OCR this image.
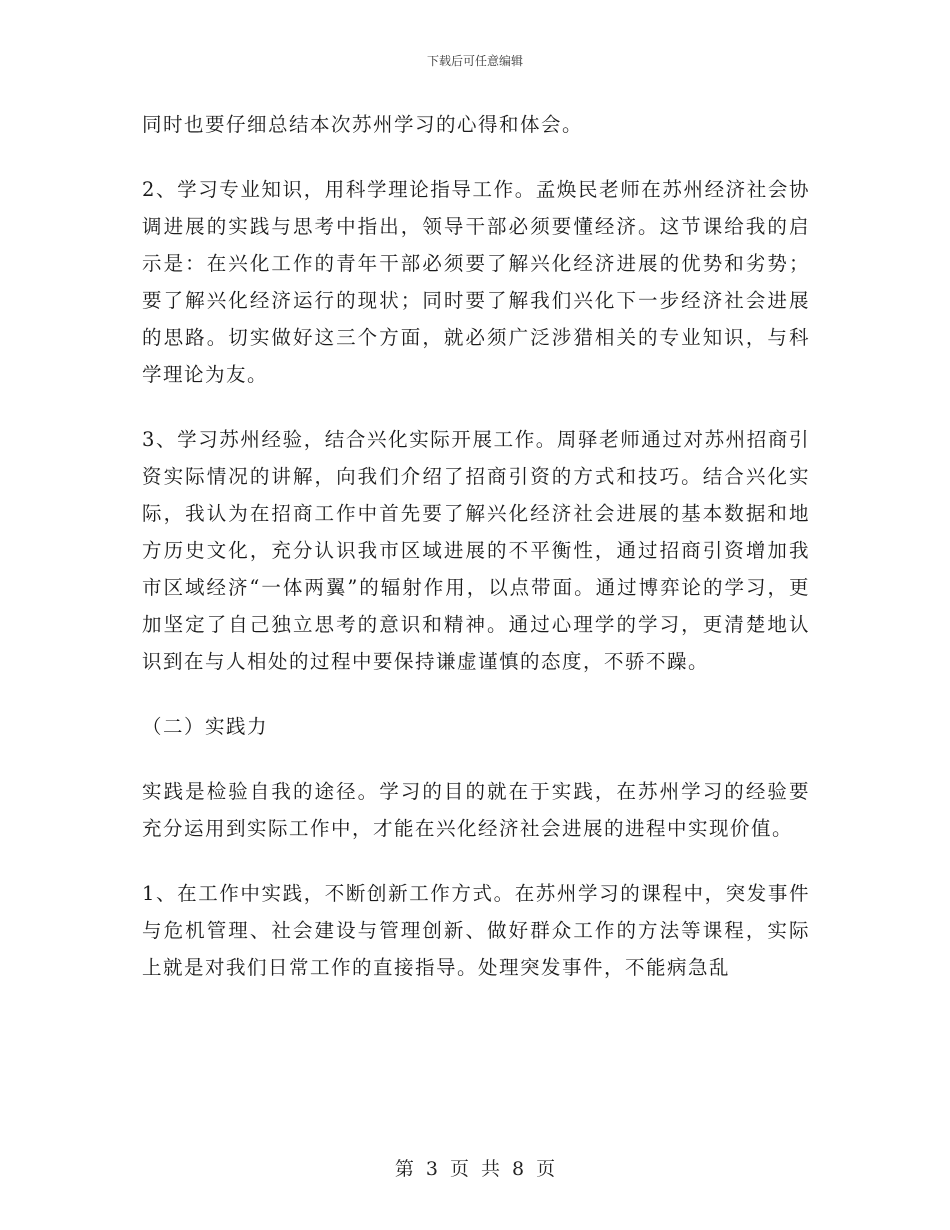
下载后可任意编辑

同时也要仔细总结本次苏州学习的心得和体会。

2、学习专业知识，用科学理论指导工作。孟焕民老师在苏州经济社会协调进展的实践与思考中指出，领导干部必须要懂经济。这节课给我的启示是：在兴化工作的青年干部必须要了解兴化经济进展的优势和劣势；要了解兴化经济运行的现状；同时要了解我们兴化下一步经济社会进展的思路。切实做好这三个方面，就必须广泛涉猎相关的专业知识，与科学理论为友。

3、学习苏州经验，结合兴化实际开展工作。周驿老师通过对苏州招商引资实际情况的讲解，向我们介绍了招商引资的方式和技巧。结合兴化实际，我认为在招商工作中首先要了解兴化经济社会进展的基本数据和地方历史文化，充分认识我市区域进展的不平衡性，通过招商引资增加我市区域经济“一体两翼”的辐射作用，以点带面。通过博弈论的学习，更加坚定了自己独立思考的意识和精神。通过心理学的学习，更清楚地认识到在与人相处的过程中要保持谦虚谨慎的态度，不骄不躁。

（二）实践力

实践是检验自我的途径。学习的目的就在于实践，在苏州学习的经验要充分运用到实际工作中，才能在兴化经济社会进展的进程中实现价值。

1、在工作中实践，不断创新工作方式。在苏州学习的课程中，突发事件与危机管理、社会建设与管理创新、做好群众工作的方法等课程，实际上就是对我们日常工作的直接指导。处理突发事件，不能病急乱

第 3 页 共 8 页
